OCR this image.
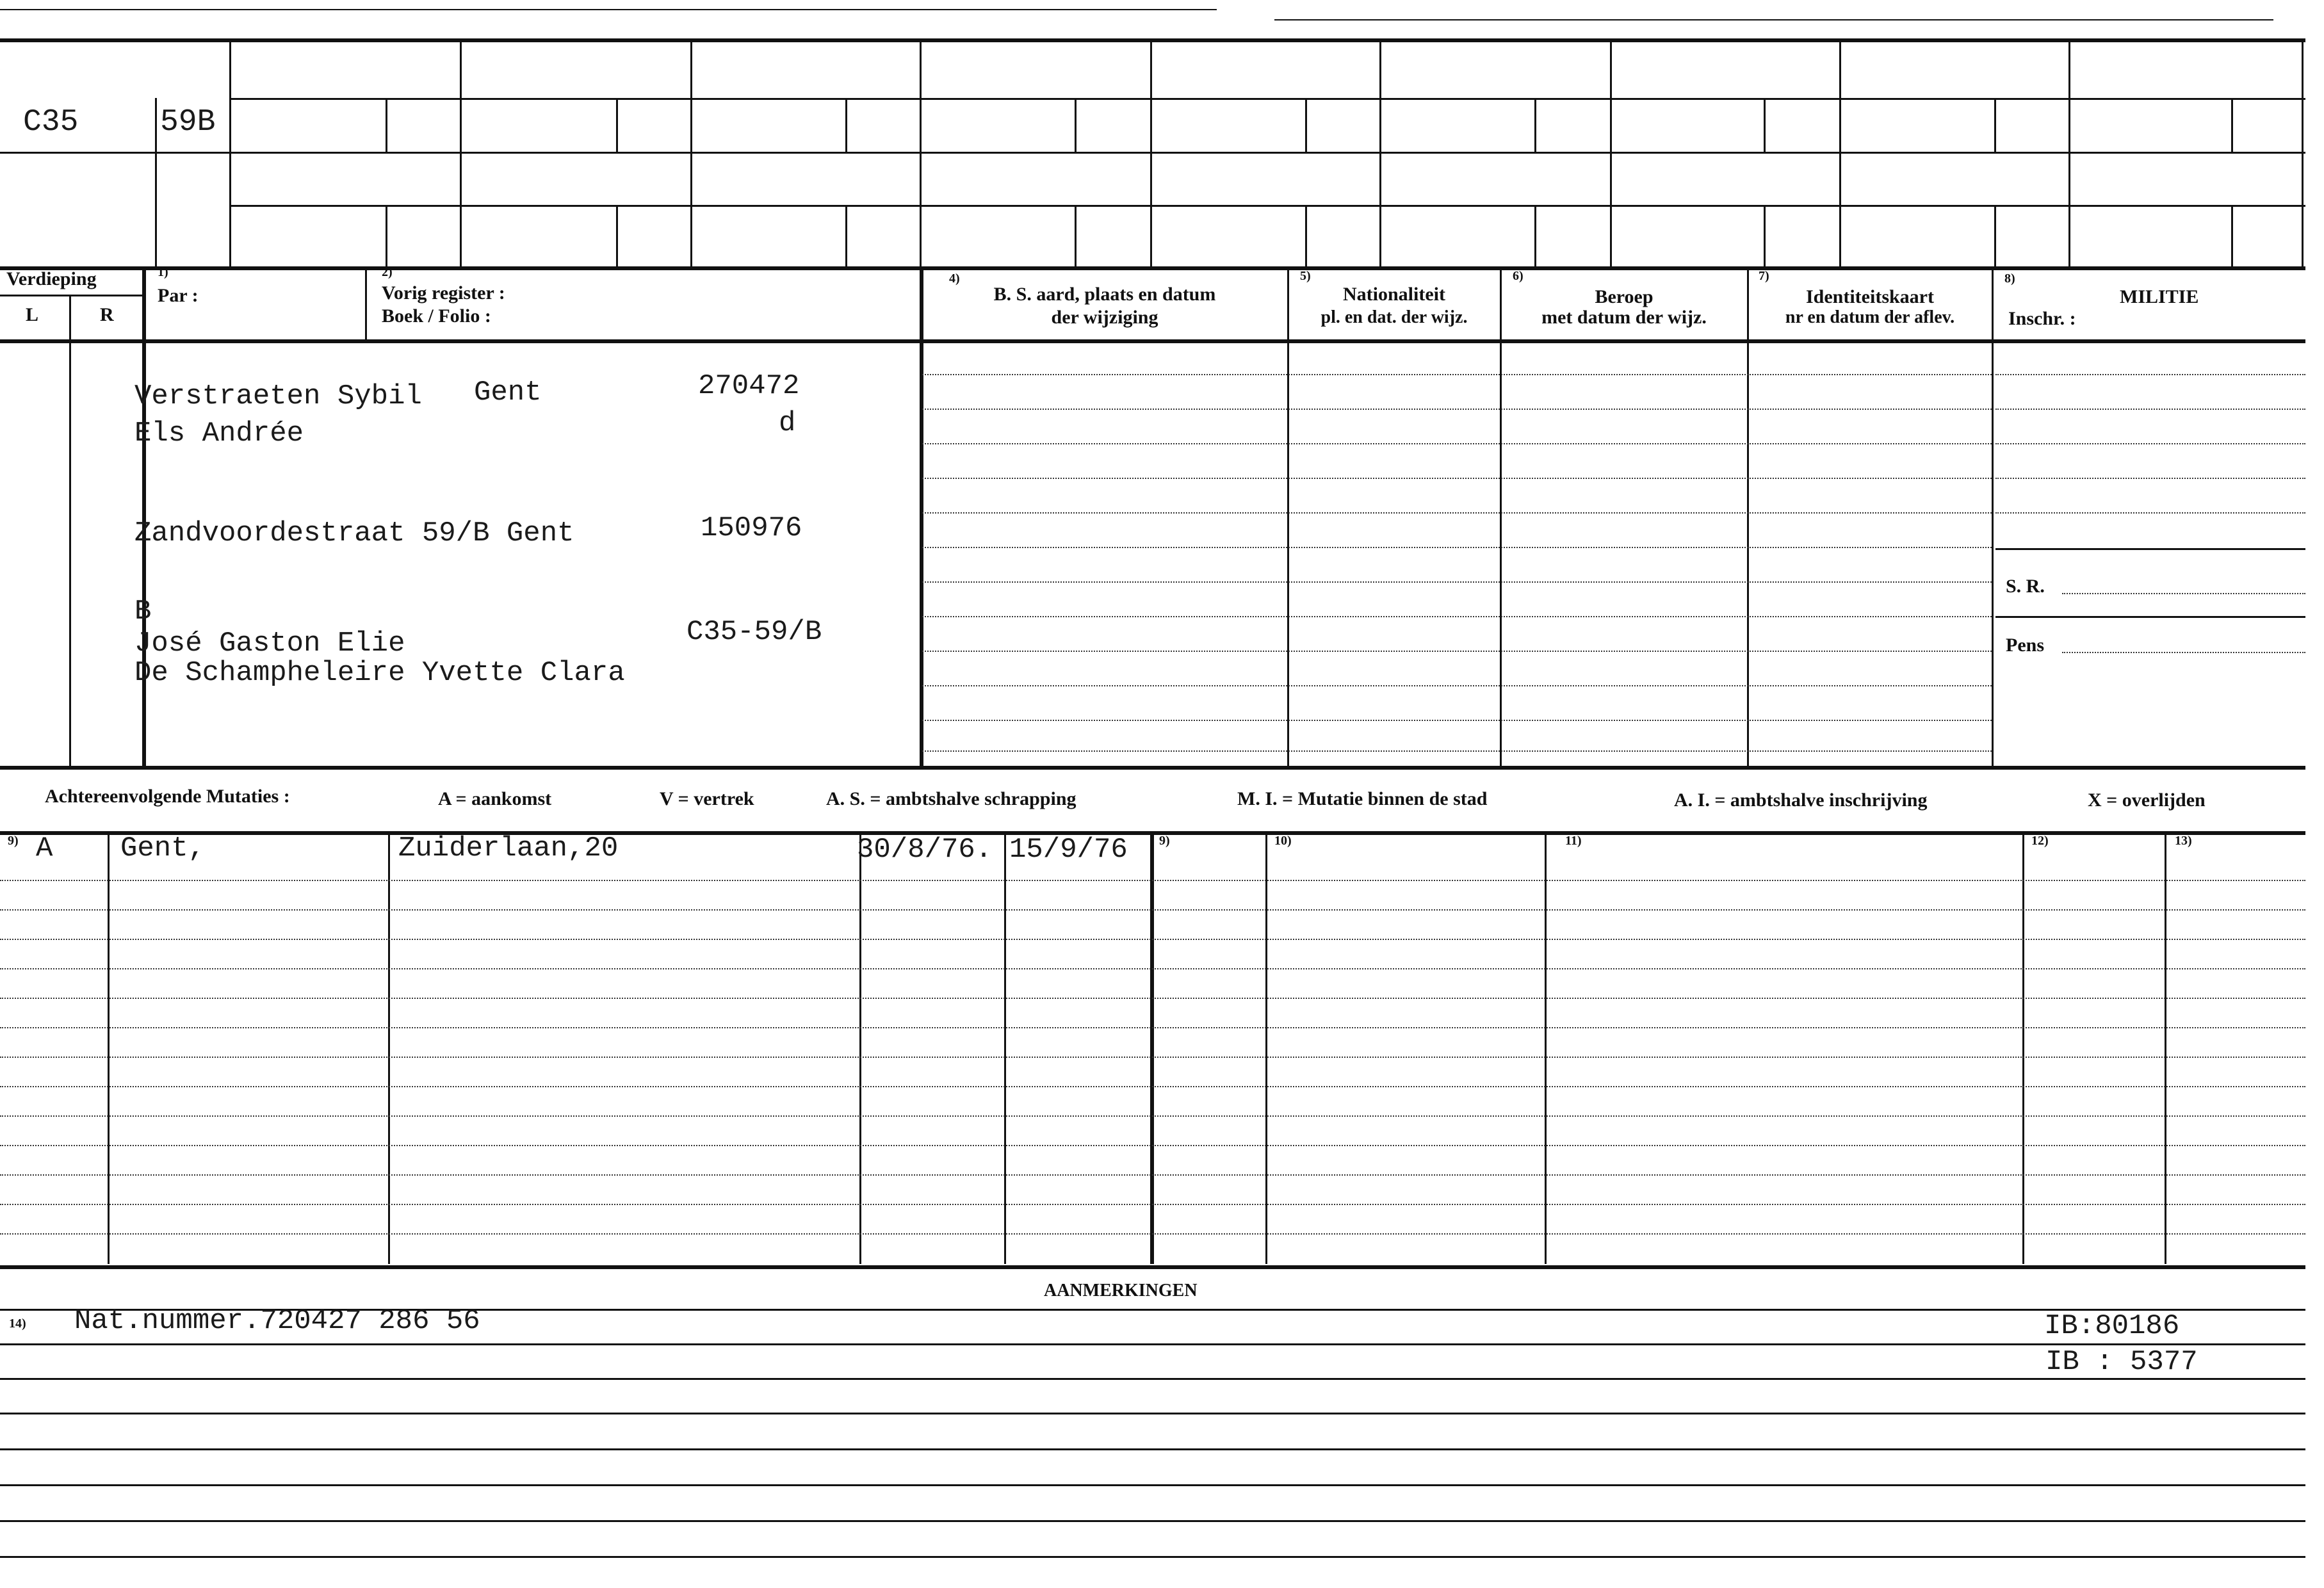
C35	59B
Verdieping
L	R
1)
Par :
2)
Vorig register :
Boek / Folio :
4)
B. S. aard, plaats en datum
der wijziging
5)
Nationaliteit
pl. en dat. der wijz.
6)
Beroep
met datum der wijz.
7)
Identiteitskaart
nr en datum der aflev.
8)
MILITIE
Inschr. :
S. R.
Pens
Verstraeten Sybil Gent	270472
Els Andrée	d
Zandvoordestraat 59/B Gent	150976
B
José Gaston Elie	C35-59/B
De Schampheleire Yvette Clara
Achtereenvolgende Mutaties :	A = aankomst	V = vertrek	A. S. = ambtshalve schrapping	M. I. = Mutatie binnen de stad	A. I. = ambtshalve inschrijving	X = overlijden
9)	9)	10)	11)	12)	13)
A Gent,	Zuiderlaan,20	30/8/76. 15/9/76
AANMERKINGEN
14) Nat.nummer.720427 286 56	IB:80186
IB : 5377
